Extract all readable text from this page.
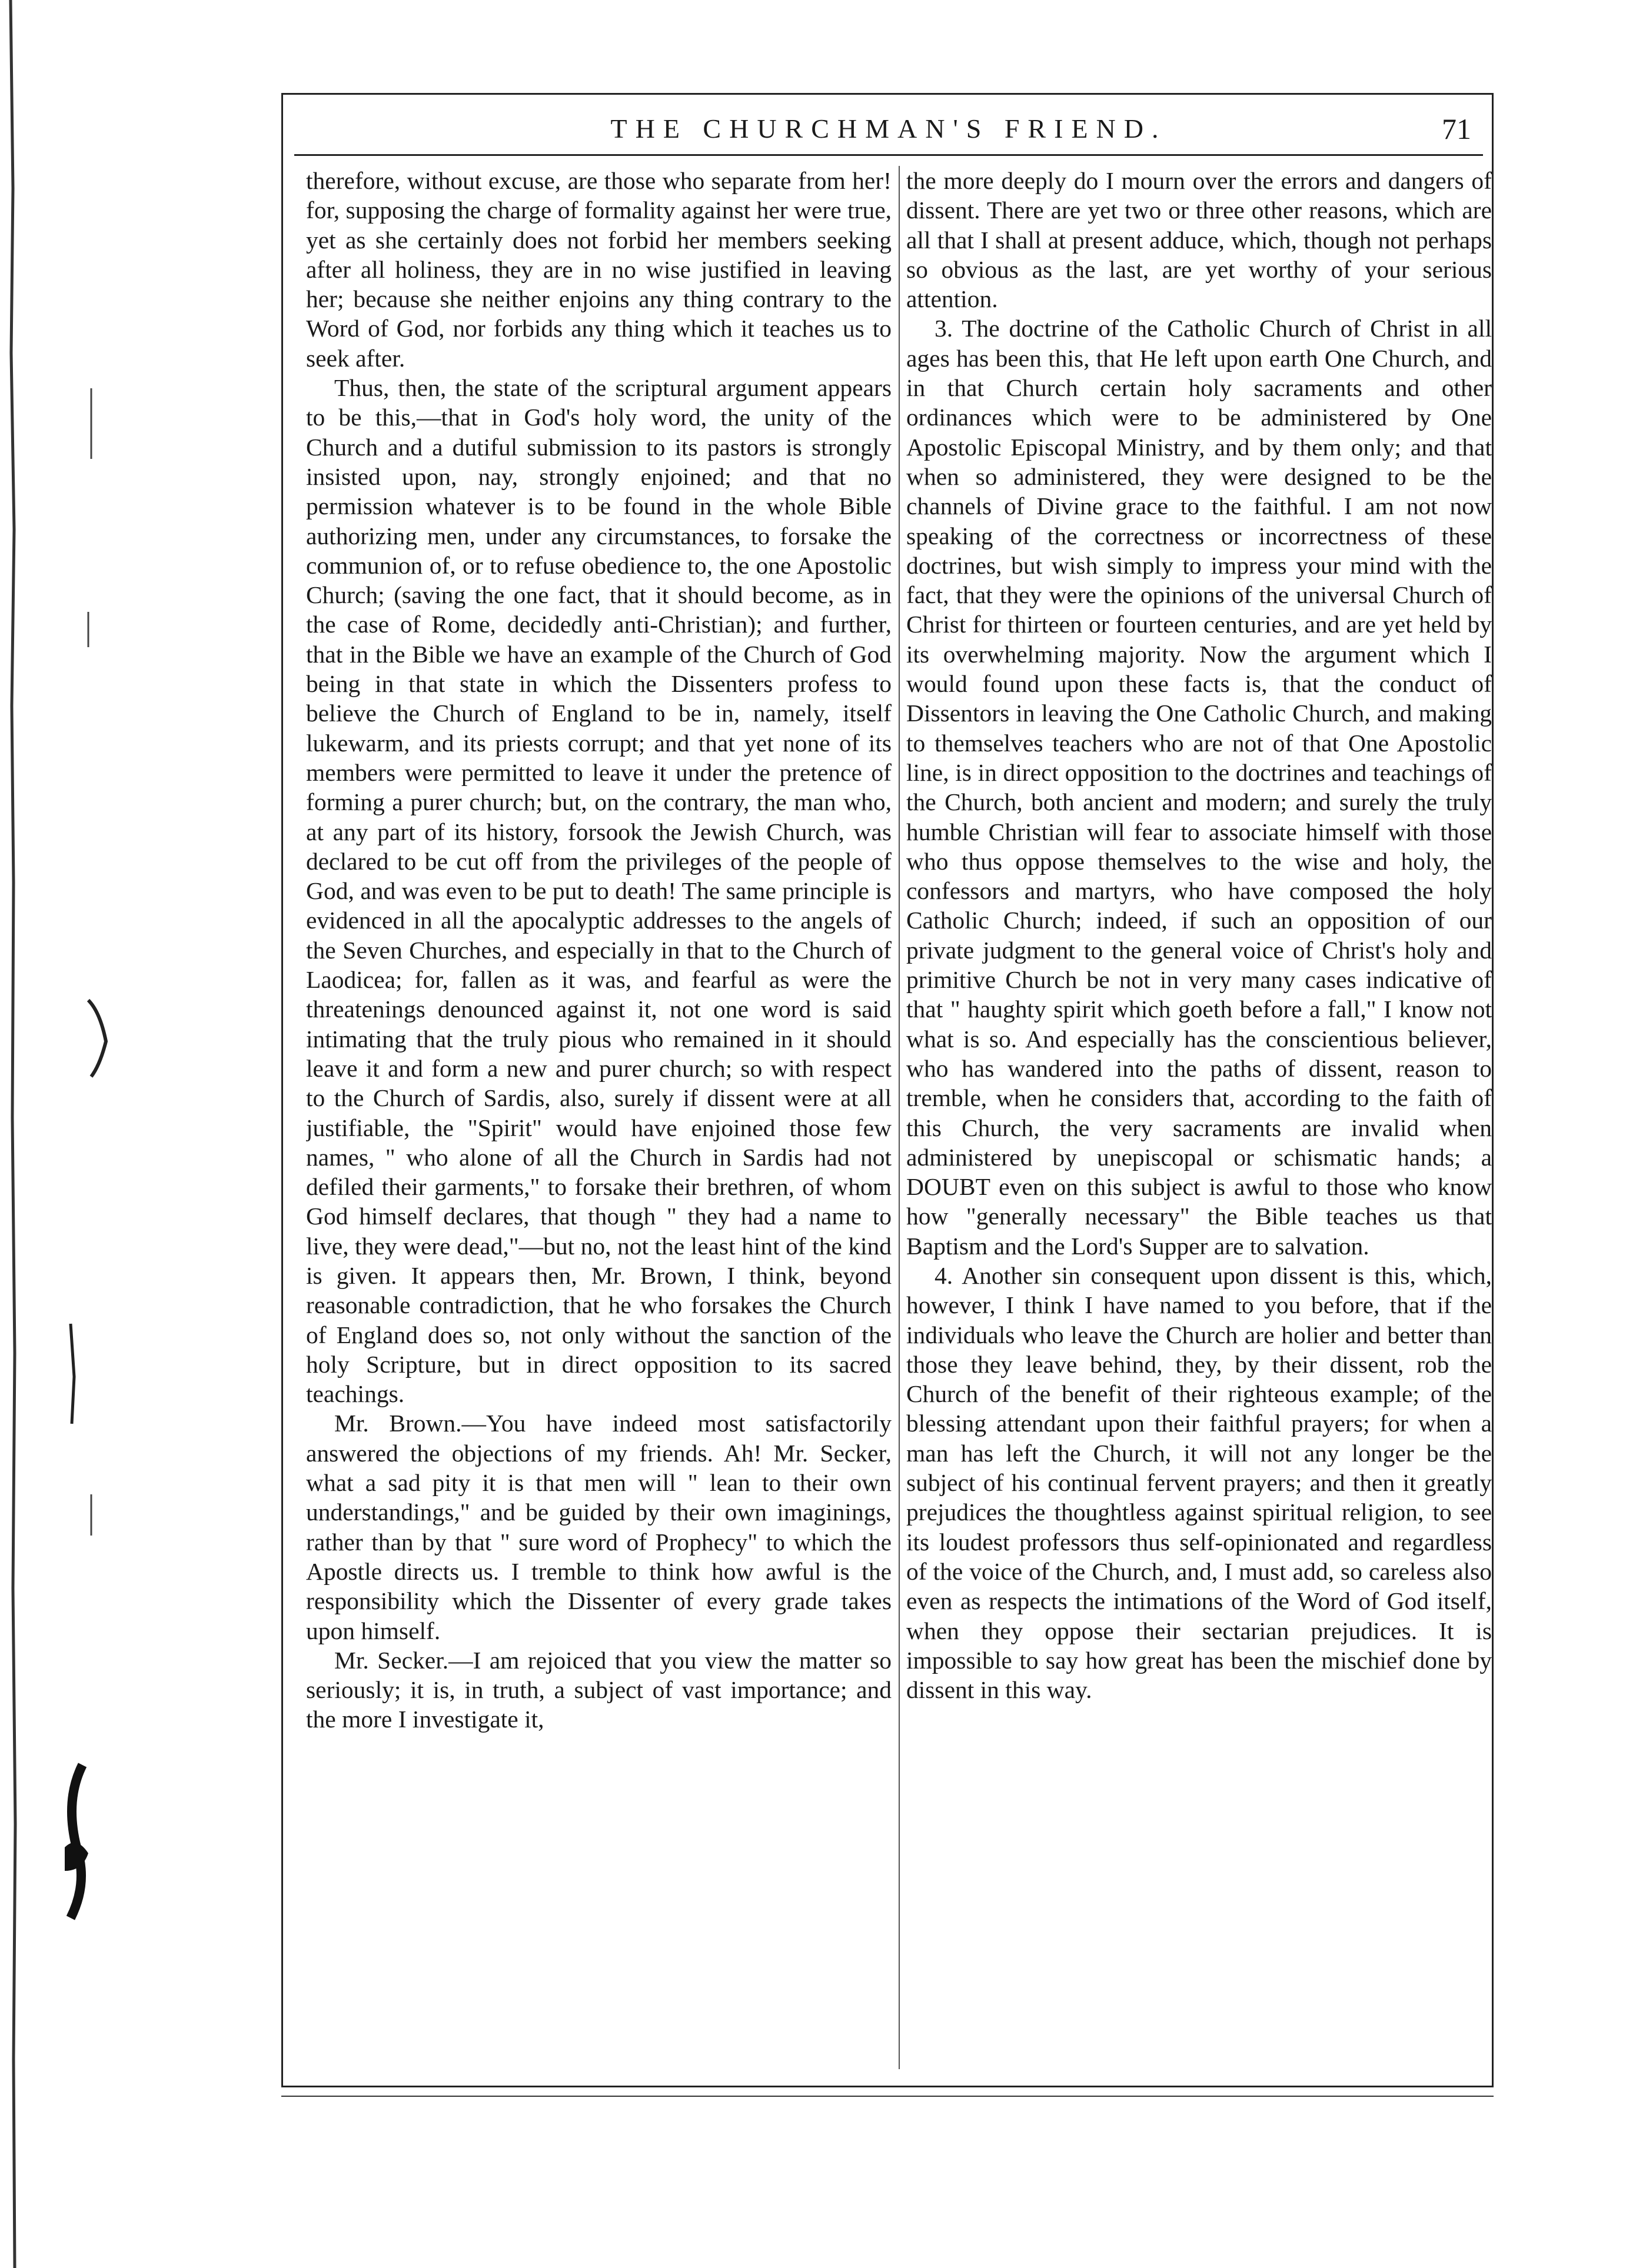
THE CHURCHMAN'S FRIEND.	71

therefore, without excuse, are those who separate from her! for, supposing the charge of formality against her were true, yet as she certainly does not forbid her members seeking after all holiness, they are in no wise justified in leaving her; because she neither enjoins any thing contrary to the Word of God, nor forbids any thing which it teaches us to seek after.

Thus, then, the state of the scriptural argument appears to be this,—that in God's holy word, the unity of the Church and a dutiful submission to its pastors is strongly insisted upon, nay, strongly enjoined; and that no permission whatever is to be found in the whole Bible authorizing men, under any circumstances, to forsake the communion of, or to refuse obedience to, the one Apostolic Church; (saving the one fact, that it should become, as in the case of Rome, decidedly anti-Christian); and further, that in the Bible we have an example of the Church of God being in that state in which the Dissenters profess to believe the Church of England to be in, namely, itself lukewarm, and its priests corrupt; and that yet none of its members were permitted to leave it under the pretence of forming a purer church; but, on the contrary, the man who, at any part of its history, forsook the Jewish Church, was declared to be cut off from the privileges of the people of God, and was even to be put to death! The same principle is evidenced in all the apocalyptic addresses to the angels of the Seven Churches, and especially in that to the Church of Laodicea; for, fallen as it was, and fearful as were the threatenings denounced against it, not one word is said intimating that the truly pious who remained in it should leave it and form a new and purer church; so with respect to the Church of Sardis, also, surely if dissent were at all justifiable, the "Spirit" would have enjoined those few names, " who alone of all the Church in Sardis had not defiled their garments," to forsake their brethren, of whom God himself declares, that though " they had a name to live, they were dead,"—but no, not the least hint of the kind is given. It appears then, Mr. Brown, I think, beyond reasonable contradiction, that he who forsakes the Church of England does so, not only without the sanction of the holy Scripture, but in direct opposition to its sacred teachings.

Mr. Brown.—You have indeed most satisfactorily answered the objections of my friends. Ah! Mr. Secker, what a sad pity it is that men will " lean to their own understandings," and be guided by their own imaginings, rather than by that " sure word of Prophecy" to which the Apostle directs us. I tremble to think how awful is the responsibility which the Dissenter of every grade takes upon himself.

Mr. Secker.—I am rejoiced that you view the matter so seriously; it is, in truth, a subject of vast importance; and the more I investigate it,

the more deeply do I mourn over the errors and dangers of dissent. There are yet two or three other reasons, which are all that I shall at present adduce, which, though not perhaps so obvious as the last, are yet worthy of your serious attention.

3. The doctrine of the Catholic Church of Christ in all ages has been this, that He left upon earth One Church, and in that Church certain holy sacraments and other ordinances which were to be administered by One Apostolic Episcopal Ministry, and by them only; and that when so administered, they were designed to be the channels of Divine grace to the faithful. I am not now speaking of the correctness or incorrectness of these doctrines, but wish simply to impress your mind with the fact, that they were the opinions of the universal Church of Christ for thirteen or fourteen centuries, and are yet held by its overwhelming majority. Now the argument which I would found upon these facts is, that the conduct of Dissentors in leaving the One Catholic Church, and making to themselves teachers who are not of that One Apostolic line, is in direct opposition to the doctrines and teachings of the Church, both ancient and modern; and surely the truly humble Christian will fear to associate himself with those who thus oppose themselves to the wise and holy, the confessors and martyrs, who have composed the holy Catholic Church; indeed, if such an opposition of our private judgment to the general voice of Christ's holy and primitive Church be not in very many cases indicative of that " haughty spirit which goeth before a fall," I know not what is so. And especially has the conscientious believer, who has wandered into the paths of dissent, reason to tremble, when he considers that, according to the faith of this Church, the very sacraments are invalid when administered by unepiscopal or schismatic hands; a DOUBT even on this subject is awful to those who know how "generally necessary" the Bible teaches us that Baptism and the Lord's Supper are to salvation.

4. Another sin consequent upon dissent is this, which, however, I think I have named to you before, that if the individuals who leave the Church are holier and better than those they leave behind, they, by their dissent, rob the Church of the benefit of their righteous example; of the blessing attendant upon their faithful prayers; for when a man has left the Church, it will not any longer be the subject of his continual fervent prayers; and then it greatly prejudices the thoughtless against spiritual religion, to see its loudest professors thus self-opinionated and regardless of the voice of the Church, and, I must add, so careless also even as respects the intimations of the Word of God itself, when they oppose their sectarian prejudices. It is impossible to say how great has been the mischief done by dissent in this way.
